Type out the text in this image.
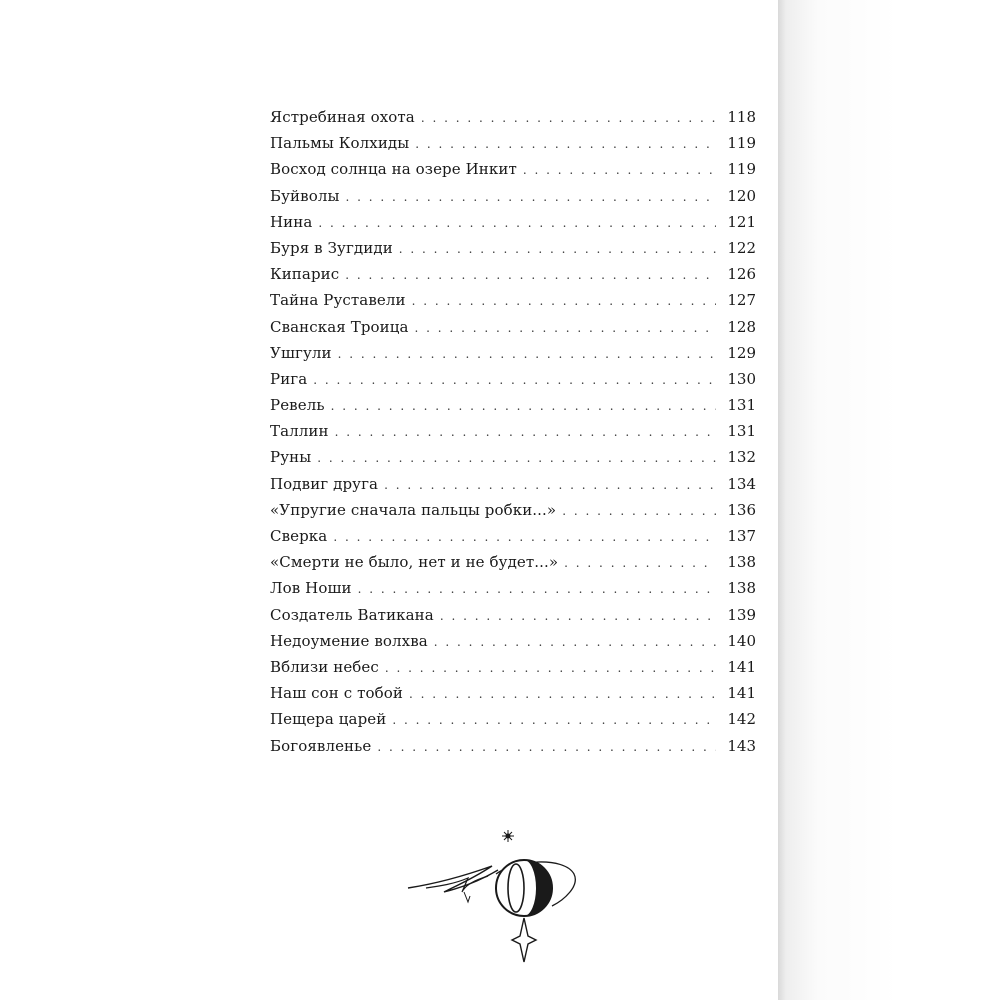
Ястребиная охота . . .	118
Пальмы Колхиды . . .	119
Восход солнца на озере Инкит . . .	119
Буйволы . . .	120
Нина . . .	121
Буря в Зугдиди . . .	122
Кипарис . . .	126
Тайна Руставели . . .	127
Сванская Троица . . .	128
Ушгули . . .	129
Рига . . .	130
Ревель . . .	131
Таллин . . .	131
Руны . . .	132
Подвиг друга . . .	134
«Упругие сначала пальцы робки...» . . .	136
Сверка . . .	137
«Смерти не было, нет и не будет...» . . .	138
Лов Ноши . . .	138
Создатель Ватикана . . .	139
Недоумение волхва . . .	140
Вблизи небес . . .	141
Наш сон с тобой . . .	141
Пещера царей . . .	142
Богоявленье . . .	143
